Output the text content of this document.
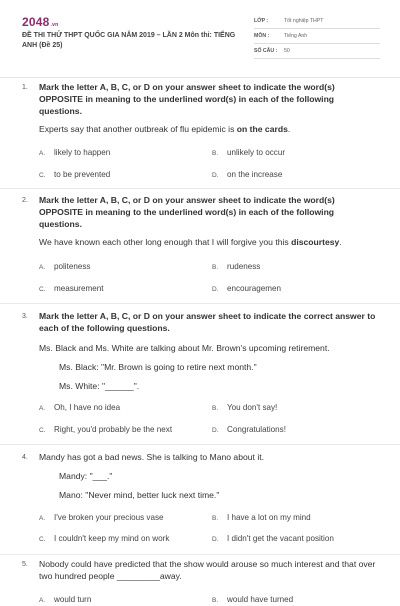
2048.vn
ĐỀ THI THỬ THPT QUỐC GIA NĂM 2019 – LẦN 2 Môn thi: TIẾNG ANH (Đề 25)
LỚP :	Tốt nghiệp THPT
MÔN :	Tiếng Anh
SỐ CÂU : 50
1. Mark the letter A, B, C, or D on your answer sheet to indicate the word(s) OPPOSITE in meaning to the underlined word(s) in each of the following questions.
Experts say that another outbreak of flu epidemic is on the cards.
A. likely to happen	B. unlikely to occur
C. to be prevented	D. on the increase
2. Mark the letter A, B, C, or D on your answer sheet to indicate the word(s) OPPOSITE in meaning to the underlined word(s) in each of the following questions.
We have known each other long enough that I will forgive you this discourtesy.
A. politeness	B. rudeness
C. measurement	D. encouragemen
3. Mark the letter A, B, C, or D on your answer sheet to indicate the correct answer to each of the following questions.
Ms. Black and Ms. White are talking about Mr. Brown's upcoming retirement.
Ms. Black: "Mr. Brown is going to retire next month."
Ms. White: "______".
A. Oh, I have no idea	B. You don't say!
C. Right, you'd probably be the next	D. Congratulations!
4. Mandy has got a bad news. She is talking to Mano about it.
Mandy: "___."
Mano: "Never mind, better luck next time."
A. I've broken your precious vase	B. I have a lot on my mind
C. I couldn't keep my mind on work	D. I didn't get the vacant position
5. Nobody could have predicted that the show would arouse so much interest and that over two hundred people _________away.
A. would turn	B. would have turned
